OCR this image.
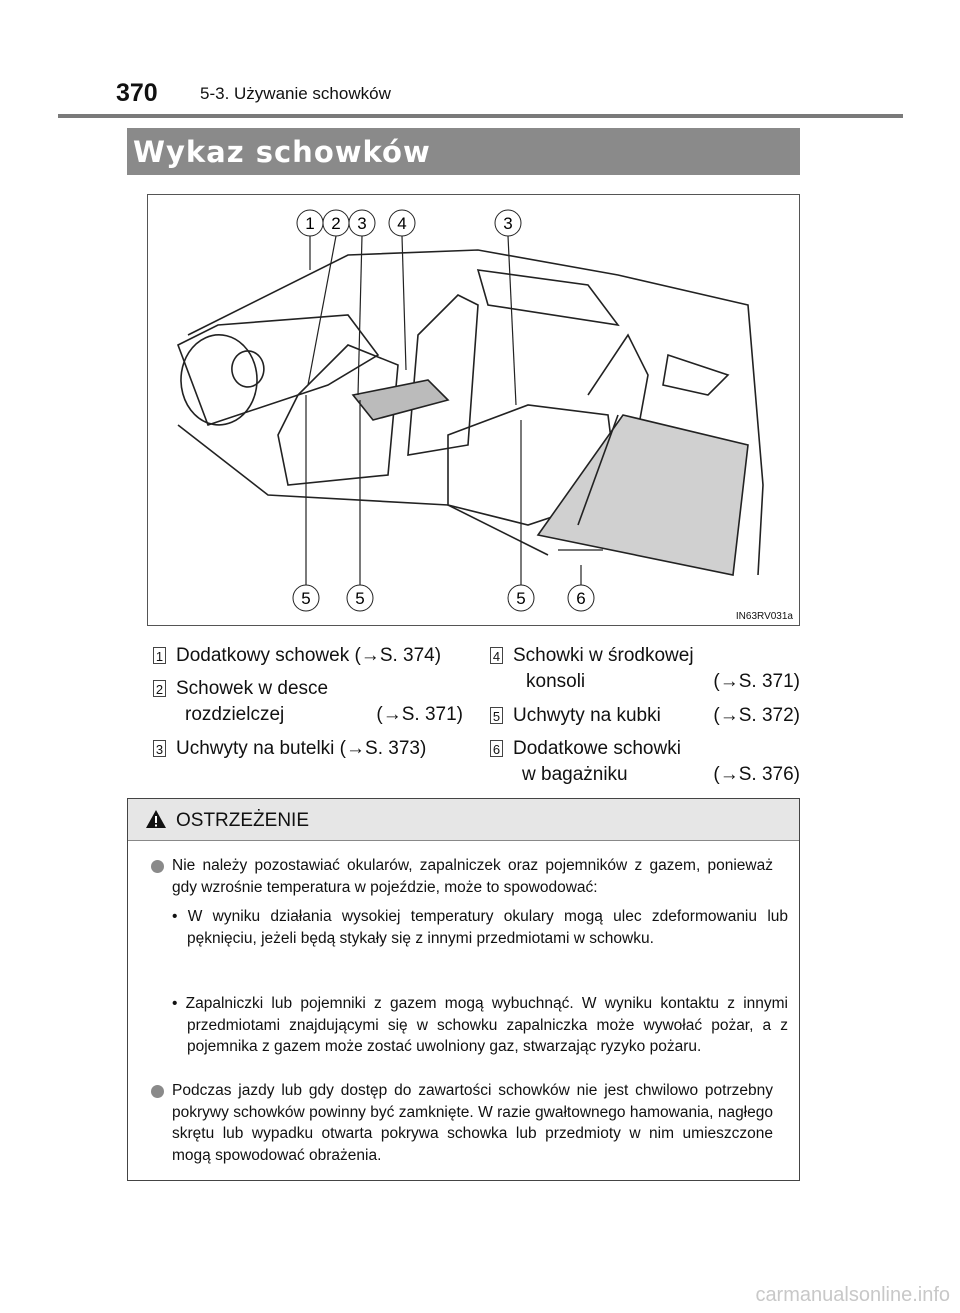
370 5-3. Używanie schowków
Wykaz schowków
1 2 3 4	3
5	5	5	6
IN63RV031a
1 Dodatkowy schowek (→S. 374)
2 Schowek w desce
rozdzielczej	(→S. 371)
3 Uchwyty na butelki (→S. 373)
4 Schowki w środkowej
konsoli	(→S. 371)
5 Uchwyty na kubki	(→S. 372)
6 Dodatkowe schowki
w bagażniku	(→S. 376)
OSTRZEŻENIE
Nie należy pozostawiać okularów, zapalniczek oraz pojemników z gazem, ponieważ gdy wzrośnie temperatura w pojeździe, może to spowodować:
• W wyniku działania wysokiej temperatury okulary mogą ulec zdeformowaniu lub pęknięciu, jeżeli będą stykały się z innymi przedmiotami w schowku.
• Zapalniczki lub pojemniki z gazem mogą wybuchnąć. W wyniku kontaktu z innymi przedmiotami znajdującymi się w schowku zapalniczka może wywołać pożar, a z pojemnika z gazem może zostać uwolniony gaz, stwarzając ryzyko pożaru.
Podczas jazdy lub gdy dostęp do zawartości schowków nie jest chwilowo potrzebny pokrywy schowków powinny być zamknięte. W razie gwałtownego hamowania, nagłego skrętu lub wypadku otwarta pokrywa schowka lub przedmioty w nim umieszczone mogą spowodować obrażenia.
carmanualsonline.info
